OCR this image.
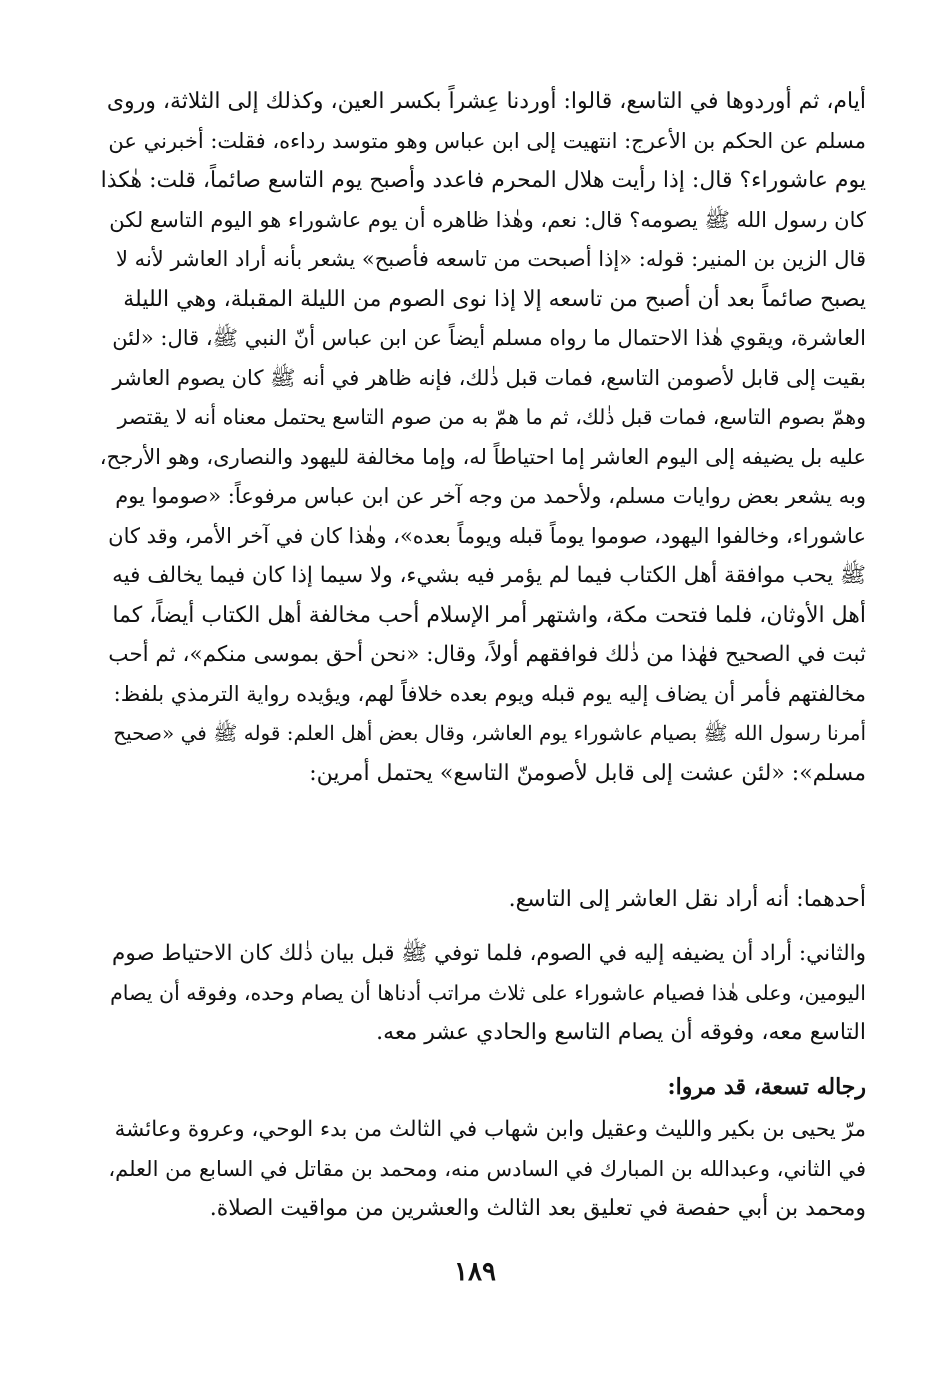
أيام، ثم أوردوها في التاسع، قالوا: أوردنا عِشراً بكسر العين، وكذلك إلى الثلاثة، وروى
مسلم عن الحكم بن الأعرج: انتهيت إلى ابن عباس وهو متوسد رداءه، فقلت: أخبرني عن
يوم عاشوراء؟ قال: إذا رأيت هلال المحرم فاعدد وأصبح يوم التاسع صائماً، قلت: هٰكذا
كان رسول الله ﷺ يصومه؟ قال: نعم، وهٰذا ظاهره أن يوم عاشوراء هو اليوم التاسع لكن
قال الزين بن المنير: قوله: «إذا أصبحت من تاسعه فأصبح» يشعر بأنه أراد العاشر لأنه لا
يصبح صائماً بعد أن أصبح من تاسعه إلا إذا نوى الصوم من الليلة المقبلة، وهي الليلة
العاشرة، ويقوي هٰذا الاحتمال ما رواه مسلم أيضاً عن ابن عباس أنّ النبي ﷺ، قال: «لئن
بقيت إلى قابل لأصومن التاسع، فمات قبل ذٰلك، فإنه ظاهر في أنه ﷺ كان يصوم العاشر
وهمّ بصوم التاسع، فمات قبل ذٰلك، ثم ما همّ به من صوم التاسع يحتمل معناه أنه لا يقتصر
عليه بل يضيفه إلى اليوم العاشر إما احتياطاً له، وإما مخالفة لليهود والنصارى، وهو الأرجح،
وبه يشعر بعض روايات مسلم، ولأحمد من وجه آخر عن ابن عباس مرفوعاً: «صوموا يوم
عاشوراء، وخالفوا اليهود، صوموا يوماً قبله ويوماً بعده»، وهٰذا كان في آخر الأمر، وقد كان
ﷺ يحب موافقة أهل الكتاب فيما لم يؤمر فيه بشيء، ولا سيما إذا كان فيما يخالف فيه
أهل الأوثان، فلما فتحت مكة، واشتهر أمر الإسلام أحب مخالفة أهل الكتاب أيضاً، كما
ثبت في الصحيح فهٰذا من ذٰلك فوافقهم أولاً، وقال: «نحن أحق بموسى منكم»، ثم أحب
مخالفتهم فأمر أن يضاف إليه يوم قبله ويوم بعده خلافاً لهم، ويؤيده رواية الترمذي بلفظ:
أمرنا رسول الله ﷺ بصيام عاشوراء يوم العاشر، وقال بعض أهل العلم: قوله ﷺ في «صحيح
مسلم»: «لئن عشت إلى قابل لأصومنّ التاسع» يحتمل أمرين:
أحدهما: أنه أراد نقل العاشر إلى التاسع.
والثاني: أراد أن يضيفه إليه في الصوم، فلما توفي ﷺ قبل بيان ذٰلك كان الاحتياط صوم
اليومين، وعلى هٰذا فصيام عاشوراء على ثلاث مراتب أدناها أن يصام وحده، وفوقه أن يصام
التاسع معه، وفوقه أن يصام التاسع والحادي عشر معه.
رجاله تسعة، قد مروا:
مرّ يحيى بن بكير والليث وعقيل وابن شهاب في الثالث من بدء الوحي، وعروة وعائشة
في الثاني، وعبدالله بن المبارك في السادس منه، ومحمد بن مقاتل في السابع من العلم،
ومحمد بن أبي حفصة في تعليق بعد الثالث والعشرين من مواقيت الصلاة.
١٨٩
